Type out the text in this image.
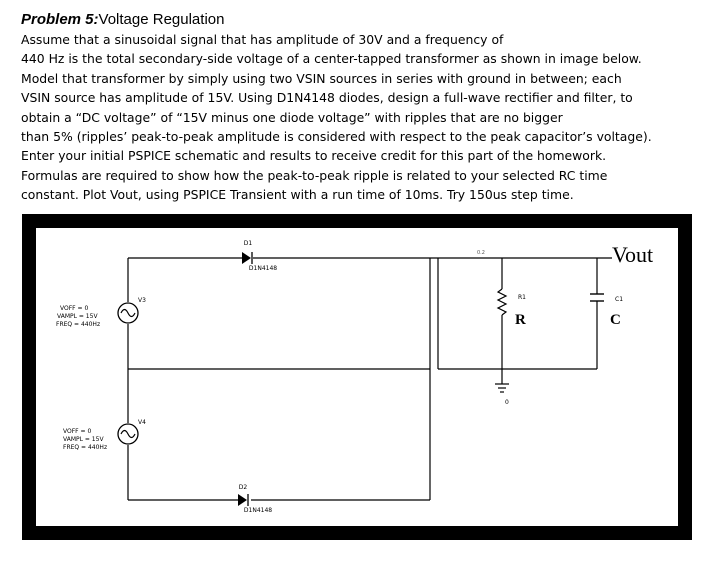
Problem 5:Voltage Regulation
Assume that a sinusoidal signal that has amplitude of 30V and a frequency of
440 Hz is the total secondary-side voltage of a center-tapped transformer as shown in image below.
Model that transformer by simply using two VSIN sources in series with ground in between; each
VSIN source has amplitude of 15V. Using D1N4148 diodes, design a full-wave rectifier and filter, to
obtain a “DC voltage” of “15V minus one diode voltage” with ripples that are no bigger
than 5% (ripples’ peak-to-peak amplitude is considered with respect to the peak capacitor’s voltage).
Enter your initial PSPICE schematic and results to receive credit for this part of the homework.
Formulas are required to show how the peak-to-peak ripple is related to your selected RC time
constant. Plot Vout, using PSPICE Transient with a run time of 10ms. Try 150us step time.
D1
D1N4148
D2
D1N4148
V3
VOFF = 0
VAMPL = 15V
FREQ = 440Hz
V4
VOFF = 0
VAMPL = 15V
FREQ = 440Hz
R1
R
0
C1
C
Vout
0.2
